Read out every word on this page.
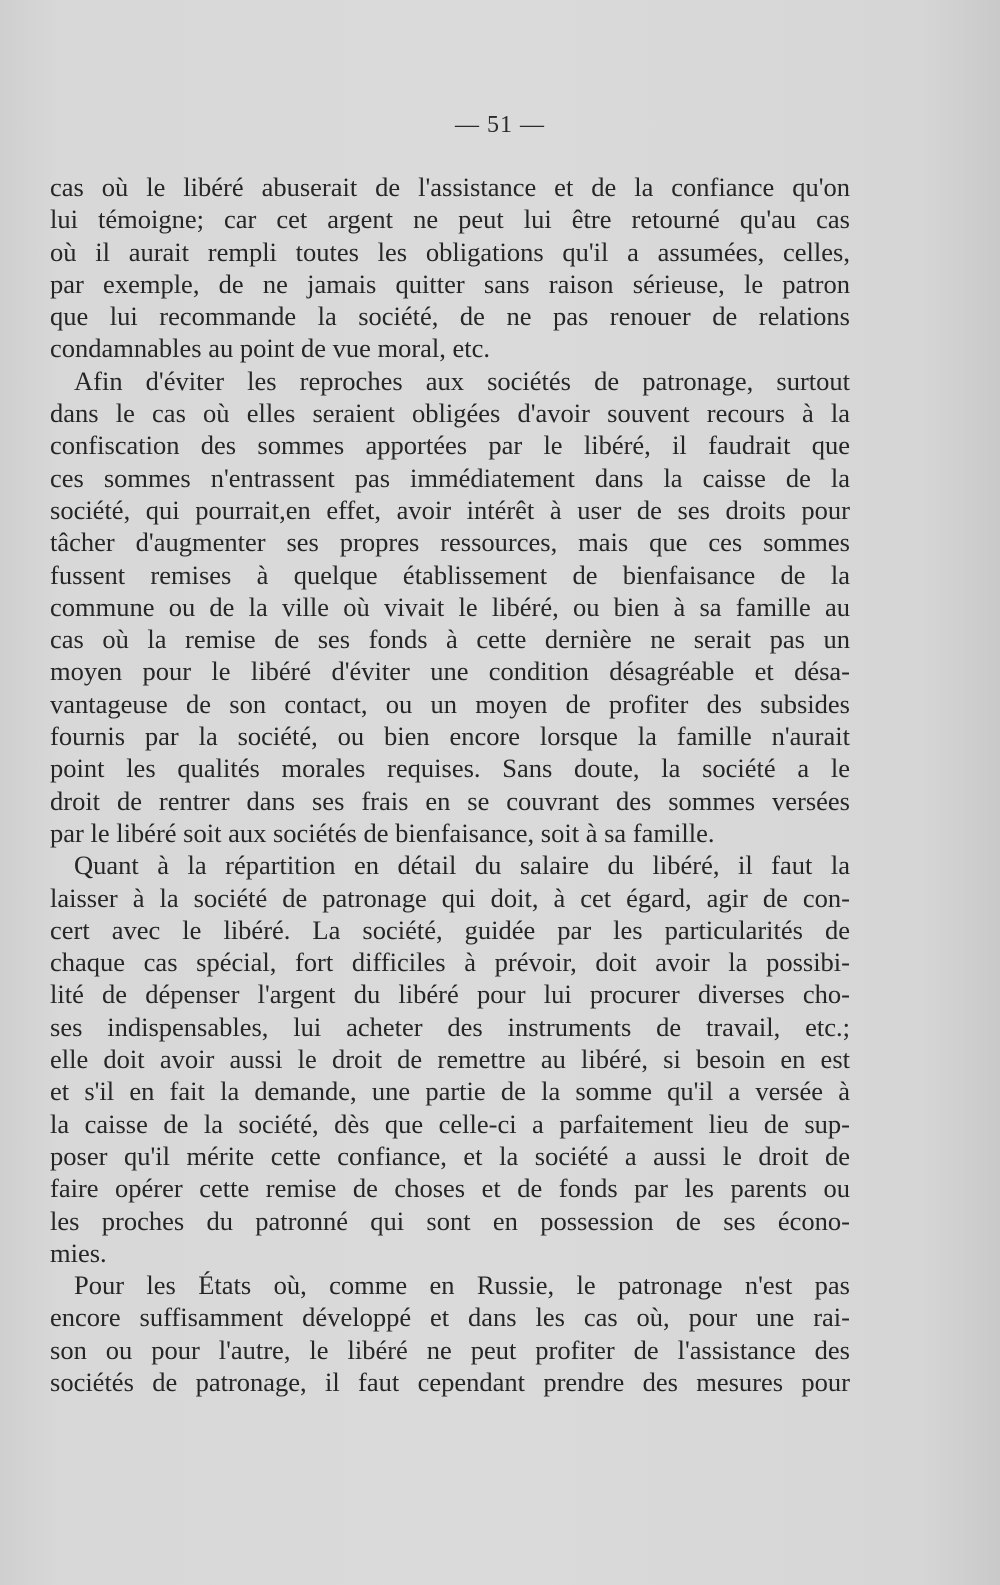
— 51 —
cas où le libéré abuserait de l'assistance et de la confiance qu'on
lui témoigne; car cet argent ne peut lui être retourné qu'au cas
où il aurait rempli toutes les obligations qu'il a assumées, celles,
par exemple, de ne jamais quitter sans raison sérieuse, le patron
que lui recommande la société, de ne pas renouer de relations
condamnables au point de vue moral, etc.
Afin d'éviter les reproches aux sociétés de patronage, surtout
dans le cas où elles seraient obligées d'avoir souvent recours à la
confiscation des sommes apportées par le libéré, il faudrait que
ces sommes n'entrassent pas immédiatement dans la caisse de la
société, qui pourrait,en effet, avoir intérêt à user de ses droits pour
tâcher d'augmenter ses propres ressources, mais que ces sommes
fussent remises à quelque établissement de bienfaisance de la
commune ou de la ville où vivait le libéré, ou bien à sa famille au
cas où la remise de ses fonds à cette dernière ne serait pas un
moyen pour le libéré d'éviter une condition désagréable et désa-
vantageuse de son contact, ou un moyen de profiter des subsides
fournis par la société, ou bien encore lorsque la famille n'aurait
point les qualités morales requises. Sans doute, la société a le
droit de rentrer dans ses frais en se couvrant des sommes versées
par le libéré soit aux sociétés de bienfaisance, soit à sa famille.
Quant à la répartition en détail du salaire du libéré, il faut la
laisser à la société de patronage qui doit, à cet égard, agir de con-
cert avec le libéré. La société, guidée par les particularités de
chaque cas spécial, fort difficiles à prévoir, doit avoir la possibi-
lité de dépenser l'argent du libéré pour lui procurer diverses cho-
ses indispensables, lui acheter des instruments de travail, etc.;
elle doit avoir aussi le droit de remettre au libéré, si besoin en est
et s'il en fait la demande, une partie de la somme qu'il a versée à
la caisse de la société, dès que celle-ci a parfaitement lieu de sup-
poser qu'il mérite cette confiance, et la société a aussi le droit de
faire opérer cette remise de choses et de fonds par les parents ou
les proches du patronné qui sont en possession de ses écono-
mies.
Pour les États où, comme en Russie, le patronage n'est pas
encore suffisamment développé et dans les cas où, pour une rai-
son ou pour l'autre, le libéré ne peut profiter de l'assistance des
sociétés de patronage, il faut cependant prendre des mesures pour
